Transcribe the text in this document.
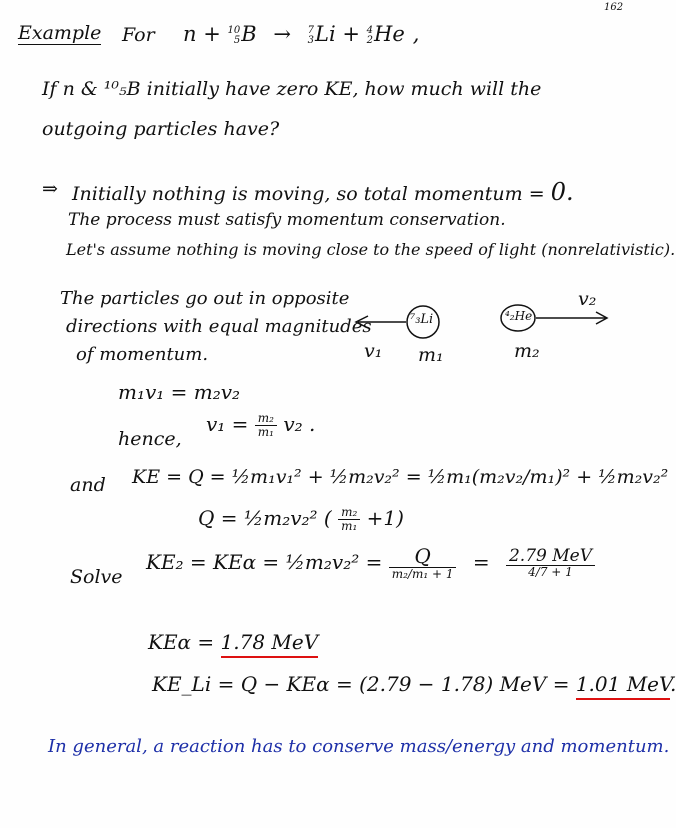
162
Example For n + 10
5 B → 7
3 Li + 4
2 He ,
If n & ¹⁰₅B initially have zero KE, how much will the
outgoing particles have?
⇒ Initially nothing is moving, so total momentum = 0.
The process must satisfy momentum conservation.
Let's assume nothing is moving close to the speed of light (nonrelativistic).
The particles go out in opposite
directions with equal magnitudes
of momentum.
⁷₃Li	⁴₂He
v₁ m₁
v₂
m₂
m₁v₁ = m₂v₂
hence,
$v_1 = \frac{\text{m₂}}{\text{m₁}} v_2$ .
and KE = Q = ½m₁v₁² + ½m₂v₂² = ½m₁(m₂v₂/m₁)² + ½m₂v₂²
Q = ½m₂v₂² ( $\frac{\text{m₂}}{\text{m₁}} +1$)
Solve
KE₂ = KEα = ½m₂v₂² = $\frac{Q}{\text{m₂/m₁ + 1}} = \frac{\text{2.79 MeV}}{4/7 + 1}$
KEα = 1.78 MeV
KE_Li = Q − KEα = (2.79 − 1.78) MeV = 1.01 MeV.
In general, a reaction has to conserve mass/energy and momentum.
